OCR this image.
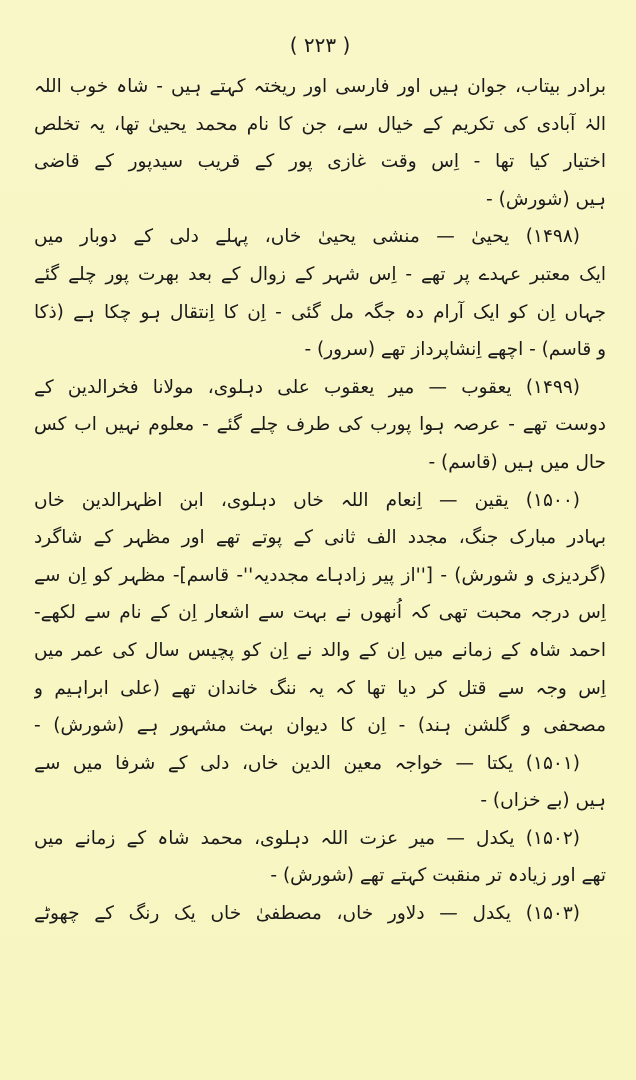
( ۲۲۳ )
برادر بیتاب، جوان ہیں اور فارسی اور ریختہ کہتے ہیں - شاہ خوب اللہ
الہٰ آبادی کی تکریم کے خیال سے، جن کا نام محمد یحییٰ تھا، یہ تخلص
اختیار کیا تھا - اِس وقت غازی پور کے قریب سیدپور کے قاضی
ہیں (شورش) -
(۱۴۹۸) یحییٰ — منشی یحییٰ خاں، پہلے دلی کے دوبار میں
ایک معتبر عہدے پر تھے - اِس شہر کے زوال کے بعد بھرت پور چلے گئے
جہاں اِن کو ایک آرام دہ جگہ مل گئی - اِن کا اِنتقال ہو چکا ہے (ذکا
و قاسم) - اچھے اِنشاپرداز تھے (سرور) -
(۱۴۹۹) یعقوب — میر یعقوب علی دہلوی، مولانا فخرالدین کے
دوست تھے - عرصہ ہوا پورب کی طرف چلے گئے - معلوم نہیں اب کس
حال میں ہیں (قاسم) -
(۱۵۰۰) یقین — اِنعام اللہ خاں دہلوی، ابن اظہرالدین خاں
بہادر مبارک جنگ، مجدد الف ثانی کے پوتے تھے اور مظہر کے شاگرد
(گردیزی و شورش) - [''از پیر زادہاے مجددیہ''- قاسم]- مظہر کو اِن سے
اِس درجہ محبت تھی کہ اُنھوں نے بہت سے اشعار اِن کے نام سے لکھے-
احمد شاہ کے زمانے میں اِن کے والد نے اِن کو پچیس سال کی عمر میں
اِس وجہ سے قتل کر دیا تھا کہ یہ ننگ خاندان تھے (علی ابراہیم و
مصحفی و گلشن ہند) - اِن کا دیوان بہت مشہور ہے (شورش) -
(۱۵۰۱) یکتا — خواجہ معین الدین خاں، دلی کے شرفا میں سے
ہیں (بے خزاں) -
(۱۵۰۲) یکدل — میر عزت اللہ دہلوی، محمد شاہ کے زمانے میں
تھے اور زیادہ تر منقبت کہتے تھے (شورش) -
(۱۵۰۳) یکدل — دلاور خاں، مصطفیٰ خاں یک رنگ کے چھوٹے
